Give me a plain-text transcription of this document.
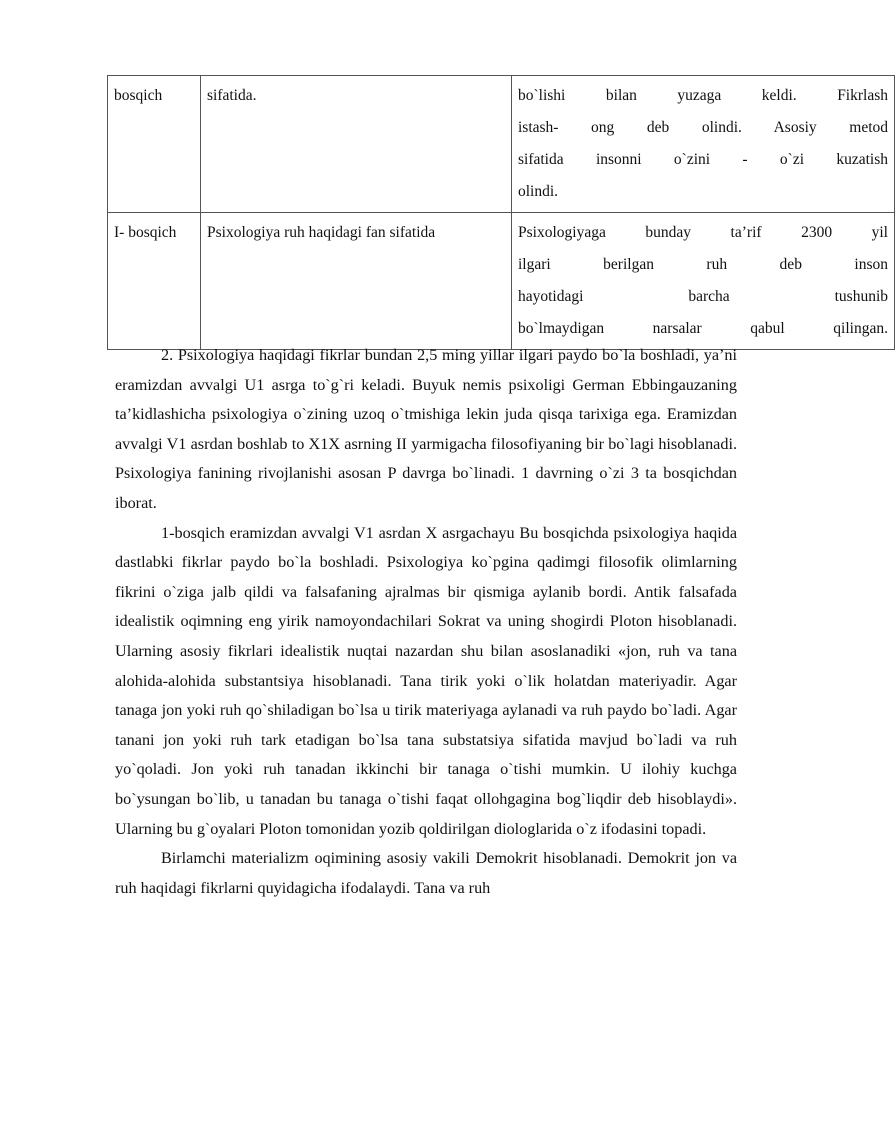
bosqich	sifatida.	bo`lishi bilan yuzaga keldi. Fikrlash
istash- ong deb olindi. Asosiy metod
sifatida insonni o`zini - o`zi kuzatish
olindi.

I- bosqich	Psixologiya ruh haqidagi fan sifatida	Psixologiyaga bunday ta’rif 2300 yil
ilgari berilgan ruh deb inson
hayotidagi barcha tushunib
bo`lmaydigan narsalar qabul qilingan.

2. Psixologiya haqidagi fikrlar bundan 2,5 ming yillar ilgari paydo bo`la boshladi, ya’ni eramizdan avvalgi U1 asrga to`g`ri keladi. Buyuk nemis psixoligi German Ebbingauzaning ta’kidlashicha psixologiya o`zining uzoq o`tmishiga lekin juda qisqa tarixiga ega. Eramizdan avvalgi V1 asrdan boshlab to X1X asrning II yarmigacha filosofiyaning bir bo`lagi hisoblanadi. Psixologiya fanining rivojlanishi asosan P davrga bo`linadi. 1 davrning o`zi 3 ta bosqichdan iborat.

1-bosqich eramizdan avvalgi V1 asrdan X asrgachayu Bu bosqichda psixologiya haqida dastlabki fikrlar paydo bo`la boshladi. Psixologiya ko`pgina qadimgi filosofik olimlarning fikrini o`ziga jalb qildi va falsafaning ajralmas bir qismiga aylanib bordi. Antik falsafada idealistik oqimning eng yirik namoyondachilari Sokrat va uning shogirdi Ploton hisoblanadi. Ularning asosiy fikrlari idealistik nuqtai nazardan shu bilan asoslanadiki «jon, ruh va tana alohida-alohida substantsiya hisoblanadi. Tana tirik yoki o`lik holatdan materiyadir. Agar tanaga jon yoki ruh qo`shiladigan bo`lsa u tirik materiyaga aylanadi va ruh paydo bo`ladi. Agar tanani jon yoki ruh tark etadigan bo`lsa tana substatsiya sifatida mavjud bo`ladi va ruh yo`qoladi. Jon yoki ruh tanadan ikkinchi bir tanaga o`tishi mumkin. U ilohiy kuchga bo`ysungan bo`lib, u tanadan bu tanaga o`tishi faqat ollohgagina bog`liqdir deb hisoblaydi». Ularning bu g`oyalari Ploton tomonidan yozib qoldirilgan diologlarida o`z ifodasini topadi.

Birlamchi materializm oqimining asosiy vakili Demokrit hisoblanadi. Demokrit jon va ruh haqidagi fikrlarni quyidagicha ifodalaydi. Tana va ruh
